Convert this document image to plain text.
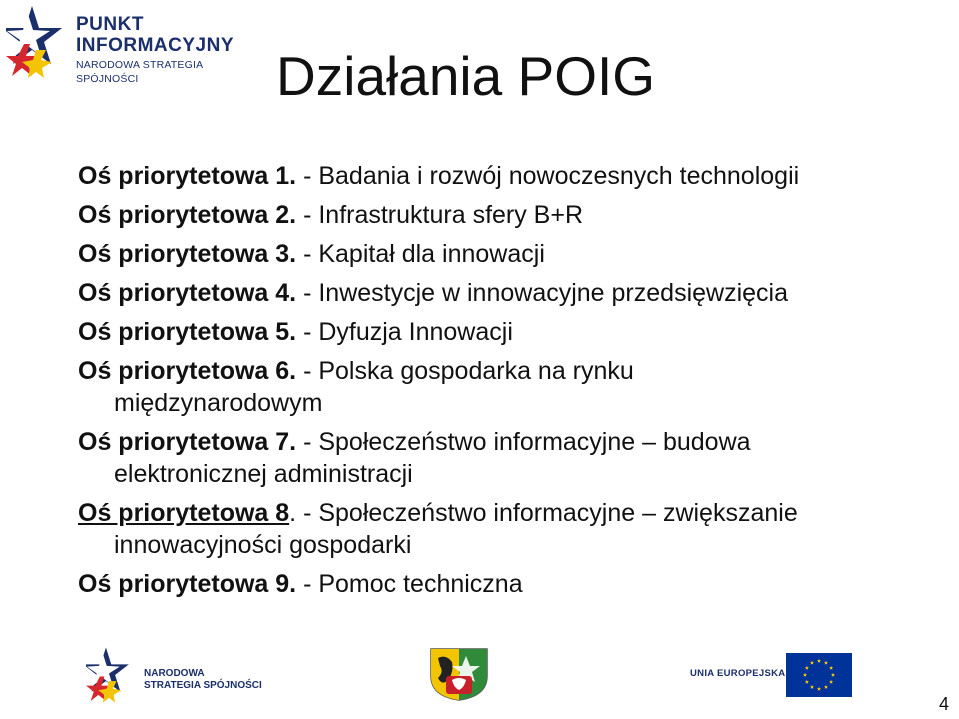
PUNKT
INFORMACYJNY
NARODOWA STRATEGIA SPÓJNOŚCI	Działania POIG
Oś priorytetowa 1. - Badania i rozwój nowoczesnych technologii
Oś priorytetowa 2. - Infrastruktura sfery B+R
Oś priorytetowa 3. - Kapitał dla innowacji
Oś priorytetowa 4. - Inwestycje w innowacyjne przedsięwzięcia
Oś priorytetowa 5. - Dyfuzja Innowacji
Oś priorytetowa 6. - Polska gospodarka na rynku
międzynarodowym
Oś priorytetowa 7. - Społeczeństwo informacyjne – budowa
elektronicznej administracji
Oś priorytetowa 8. - Społeczeństwo informacyjne – zwiększanie
innowacyjności gospodarki
Oś priorytetowa 9. - Pomoc techniczna
NARODOWA
STRATEGIA SPÓJNOŚCI
UNIA EUROPEJSKA
4
